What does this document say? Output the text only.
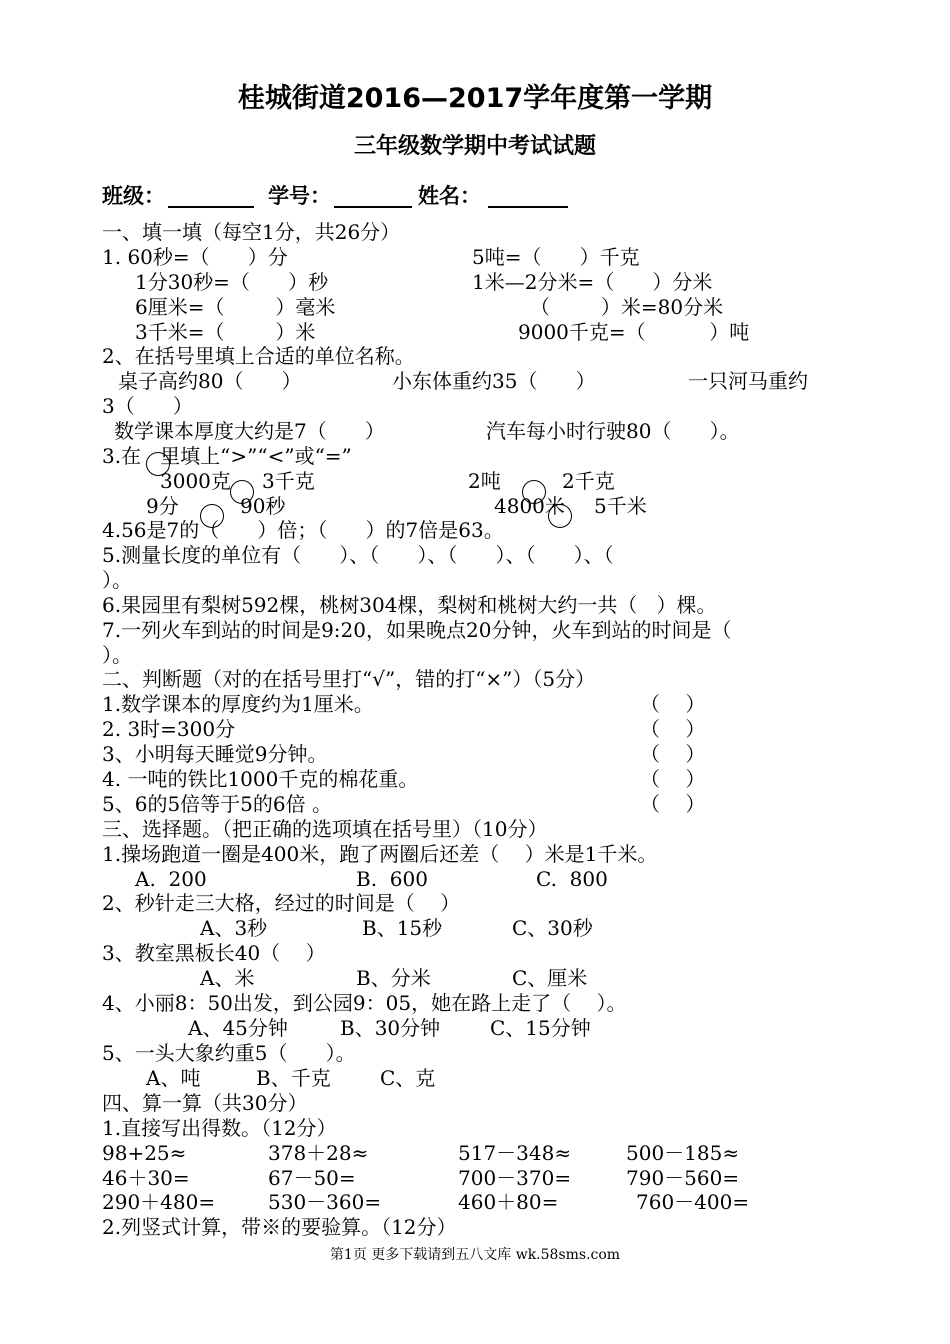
桂城街道2016—2017学年度第一学期
三年级数学期中考试试题
班级：	学号：	姓名：
一、填一填（每空1分，共26分）
1. 60秒=（      ）分	5吨=（      ）千克
1分30秒=（      ）秒	1米—2分米=（      ）分米
6厘米=（        ）毫米	（        ）米=80分米
3千米=（        ）米	9000千克=（          ）吨
2、在括号里填上合适的单位名称。
桌子高约80（      ）	小东体重约35（      ）	一只河马重约
3（      ）
数学课本厚度大约是7（      ）	汽车每小时行驶80（      ）。
3.在   里填上“>”“<”或“=”
3000克 3千克	2吨	2千克
9分	90秒	4800米 5千米
4.56是7的（      ）倍；（      ）的7倍是63。
5.测量长度的单位有（      ）、（      ）、（      ）、（      ）、（
）。
6.果园里有梨树592棵，桃树304棵，梨树和桃树大约一共（   ）棵。
7.一列火车到站的时间是9:20，如果晚点20分钟，火车到站的时间是（
）。
二、判断题（对的在括号里打“√”，错的打“×”）（5分）
1.数学课本的厚度约为1厘米。	（    ）
2. 3时=300分	（    ）
3、小明每天睡觉9分钟。	（    ）
4. 一吨的铁比1000千克的棉花重。	（    ）
5、6的5倍等于5的6倍 。	（    ）
三、选择题。（把正确的选项填在括号里）（10分）
1.操场跑道一圈是400米，跑了两圈后还差（    ）米是1千米。
A.  200	B.  600	C.  800
2、秒针走三大格，经过的时间是（    ）
A、3秒	B、15秒	C、30秒
3、教室黑板长40（    ）
A、米	B、分米	C、厘米
4、小丽8：50出发，到公园9：05，她在路上走了（    ）。
A、45分钟	B、30分钟 C、15分钟
5、一头大象约重5（      ）。
A、吨	B、千克 C、克
四、算一算（共30分）
1.直接写出得数。（12分）
98+25≈	378＋28≈	517－348≈	500－185≈
46＋30=	67－50=	700－370=	790－560=
290＋480=	530－360=	460＋80=	760－400=
2.列竖式计算，带※的要验算。（12分）
第1页 更多下载请到五八文库 wk.58sms.com
